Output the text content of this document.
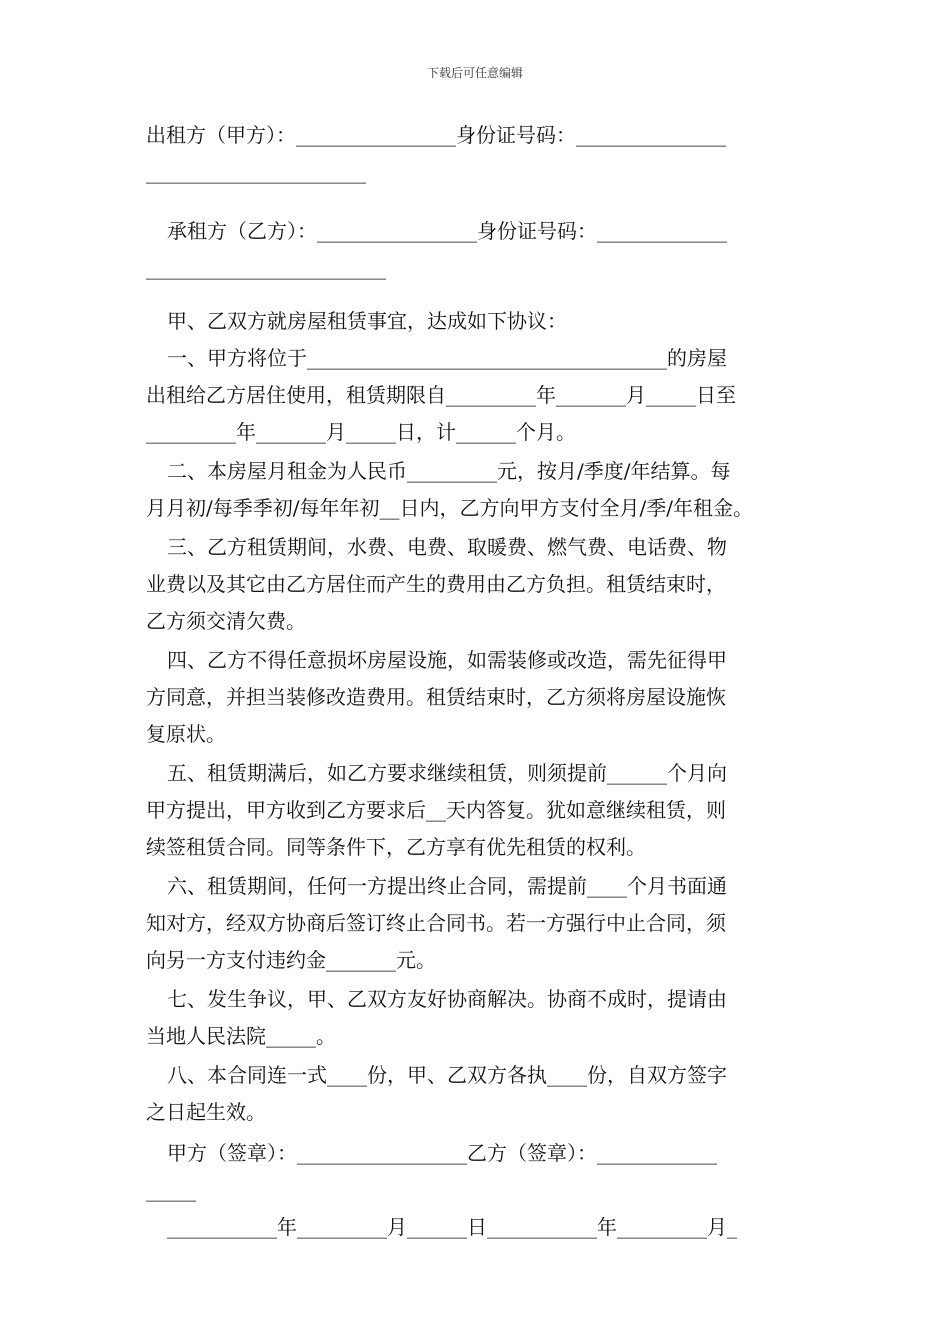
下载后可任意编辑
出租方（甲方）：________________身份证号码：_______________
______________________
承租方（乙方）：________________身份证号码：_____________
________________________
甲、乙双方就房屋租赁事宜，达成如下协议：
一、甲方将位于____________________________________的房屋
出租给乙方居住使用，租赁期限自_________年_______月_____日至
_________年_______月_____日，计______个月。
二、本房屋月租金为人民币_________元，按月/季度/年结算。每
月月初/每季季初/每年年初__日内，乙方向甲方支付全月/季/年租金。
三、乙方租赁期间，水费、电费、取暖费、燃气费、电话费、物
业费以及其它由乙方居住而产生的费用由乙方负担。租赁结束时，
乙方须交清欠费。
四、乙方不得任意损坏房屋设施，如需装修或改造，需先征得甲
方同意，并担当装修改造费用。租赁结束时，乙方须将房屋设施恢
复原状。
五、租赁期满后，如乙方要求继续租赁，则须提前______个月向
甲方提出，甲方收到乙方要求后__天内答复。犹如意继续租赁，则
续签租赁合同。同等条件下，乙方享有优先租赁的权利。
六、租赁期间，任何一方提出终止合同，需提前____个月书面通
知对方，经双方协商后签订终止合同书。若一方强行中止合同，须
向另一方支付违约金_______元。
七、发生争议，甲、乙双方友好协商解决。协商不成时，提请由
当地人民法院_____。
八、本合同连一式____份，甲、乙双方各执____份，自双方签字
之日起生效。
甲方（签章）：_________________乙方（签章）：____________
_____
___________年_________月______日___________年_________月_
